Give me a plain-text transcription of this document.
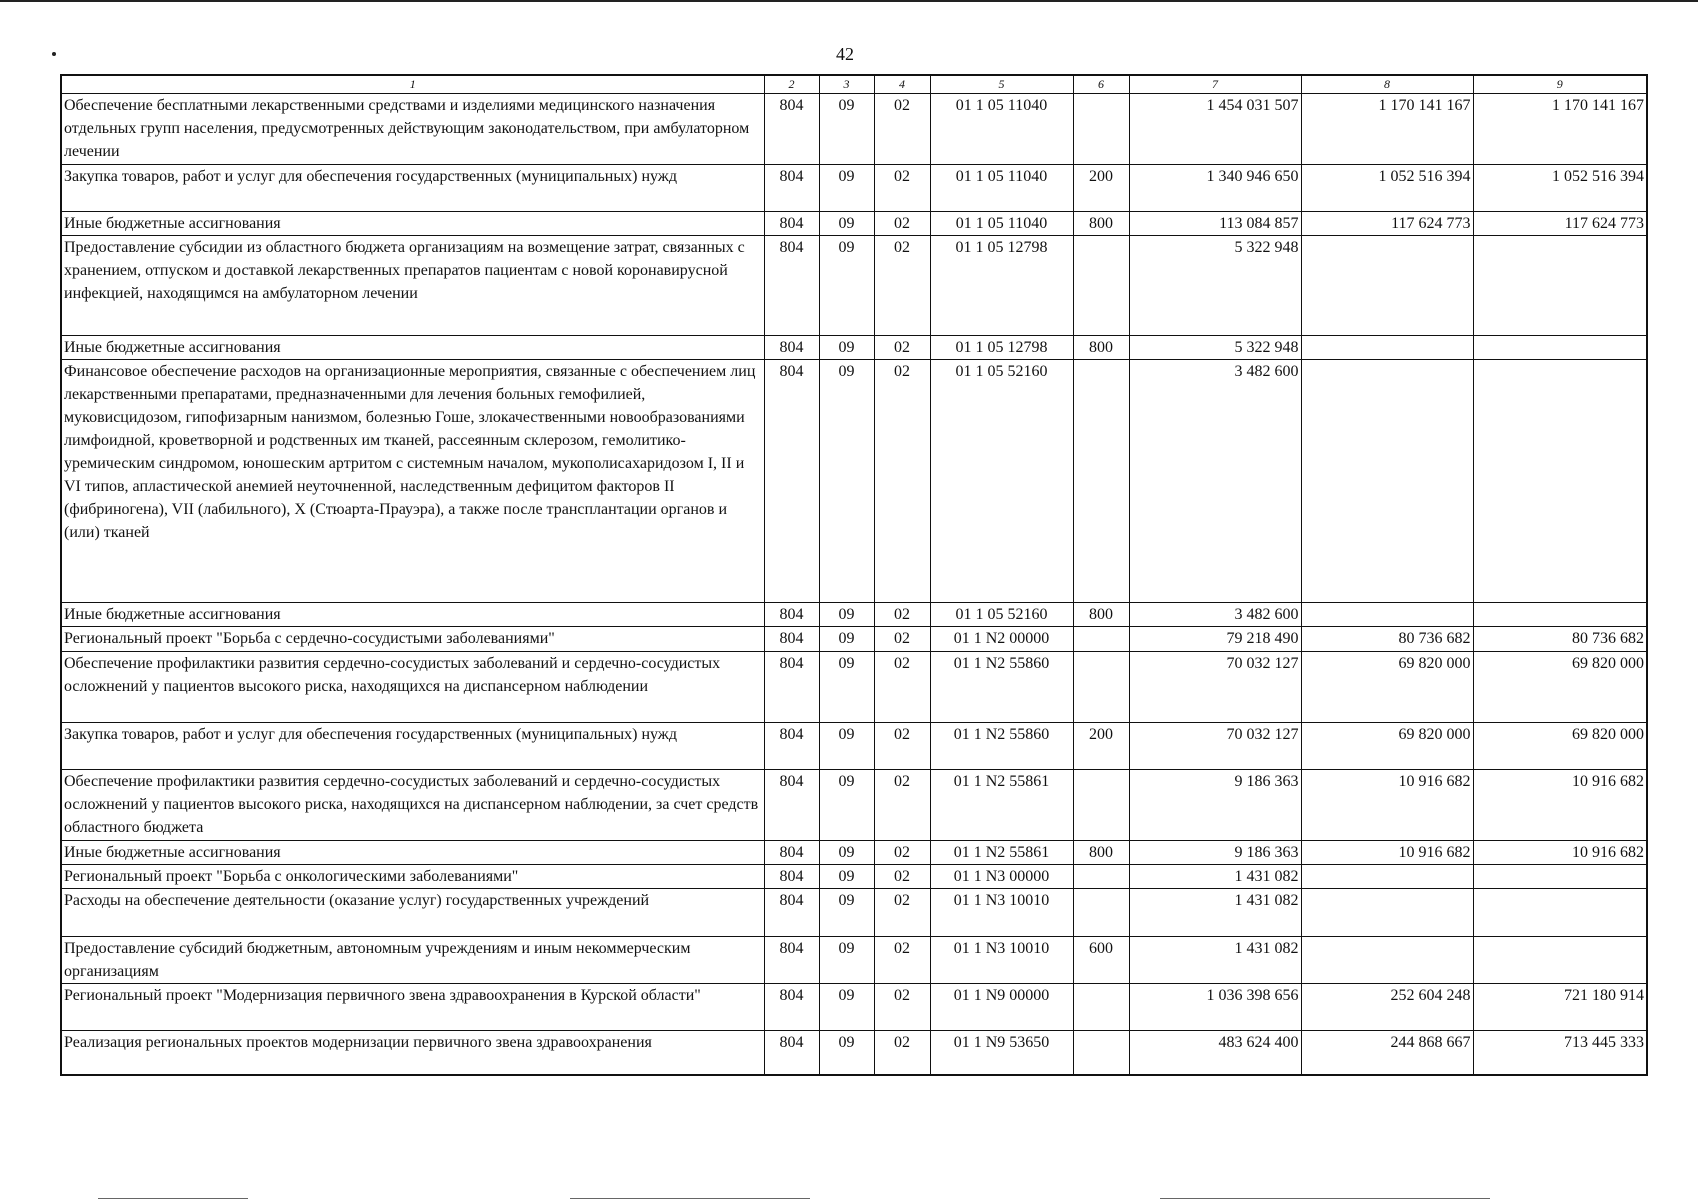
42
1	2	3	4	5	6	7	8	9
Обеспечение бесплатными лекарственными средствами и изделиями медицинского назначения отдельных групп населения, предусмотренных действующим законодательством, при амбулаторном лечении	804	09	02	01 1 05 11040		1 454 031 507	1 170 141 167	1 170 141 167
Закупка товаров, работ и услуг для обеспечения государственных (муниципальных) нужд	804	09	02	01 1 05 11040	200	1 340 946 650	1 052 516 394	1 052 516 394
Иные бюджетные ассигнования	804	09	02	01 1 05 11040	800	113 084 857	117 624 773	117 624 773
Предоставление субсидии из областного бюджета организациям на возмещение затрат, связанных с хранением, отпуском и доставкой лекарственных препаратов пациентам с новой коронавирусной инфекцией, находящимся на амбулаторном лечении	804	09	02	01 1 05 12798		5 322 948		
Иные бюджетные ассигнования	804	09	02	01 1 05 12798	800	5 322 948		
Финансовое обеспечение расходов на организационные мероприятия, связанные с обеспечением лиц лекарственными препаратами, предназначенными для лечения больных гемофилией, муковисцидозом, гипофизарным нанизмом, болезнью Гоше, злокачественными новообразованиями лимфоидной, кроветворной и родственных им тканей, рассеянным склерозом, гемолитико-уремическим синдромом, юношеским артритом с системным началом, мукополисахаридозом I, II и VI типов, апластической анемией неуточненной, наследственным дефицитом факторов II (фибриногена), VII (лабильного), X (Стюарта-Прауэра), а также после трансплантации органов и (или) тканей	804	09	02	01 1 05 52160		3 482 600		
Иные бюджетные ассигнования	804	09	02	01 1 05 52160	800	3 482 600		
Региональный проект "Борьба с сердечно-сосудистыми заболеваниями"	804	09	02	01 1 N2 00000		79 218 490	80 736 682	80 736 682
Обеспечение профилактики развития сердечно-сосудистых заболеваний и сердечно-сосудистых осложнений у пациентов высокого риска, находящихся на диспансерном наблюдении	804	09	02	01 1 N2 55860		70 032 127	69 820 000	69 820 000
Закупка товаров, работ и услуг для обеспечения государственных (муниципальных) нужд	804	09	02	01 1 N2 55860	200	70 032 127	69 820 000	69 820 000
Обеспечение профилактики развития сердечно-сосудистых заболеваний и сердечно-сосудистых осложнений у пациентов высокого риска, находящихся на диспансерном наблюдении, за счет средств областного бюджета	804	09	02	01 1 N2 55861		9 186 363	10 916 682	10 916 682
Иные бюджетные ассигнования	804	09	02	01 1 N2 55861	800	9 186 363	10 916 682	10 916 682
Региональный проект "Борьба с онкологическими заболеваниями"	804	09	02	01 1 N3 00000		1 431 082		
Расходы на обеспечение деятельности (оказание услуг) государственных учреждений	804	09	02	01 1 N3 10010		1 431 082		
Предоставление субсидий бюджетным, автономным учреждениям и иным некоммерческим организациям	804	09	02	01 1 N3 10010	600	1 431 082		
Региональный проект "Модернизация первичного звена здравоохранения в Курской области"	804	09	02	01 1 N9 00000		1 036 398 656	252 604 248	721 180 914
Реализация региональных проектов модернизации первичного звена здравоохранения	804	09	02	01 1 N9 53650		483 624 400	244 868 667	713 445 333
